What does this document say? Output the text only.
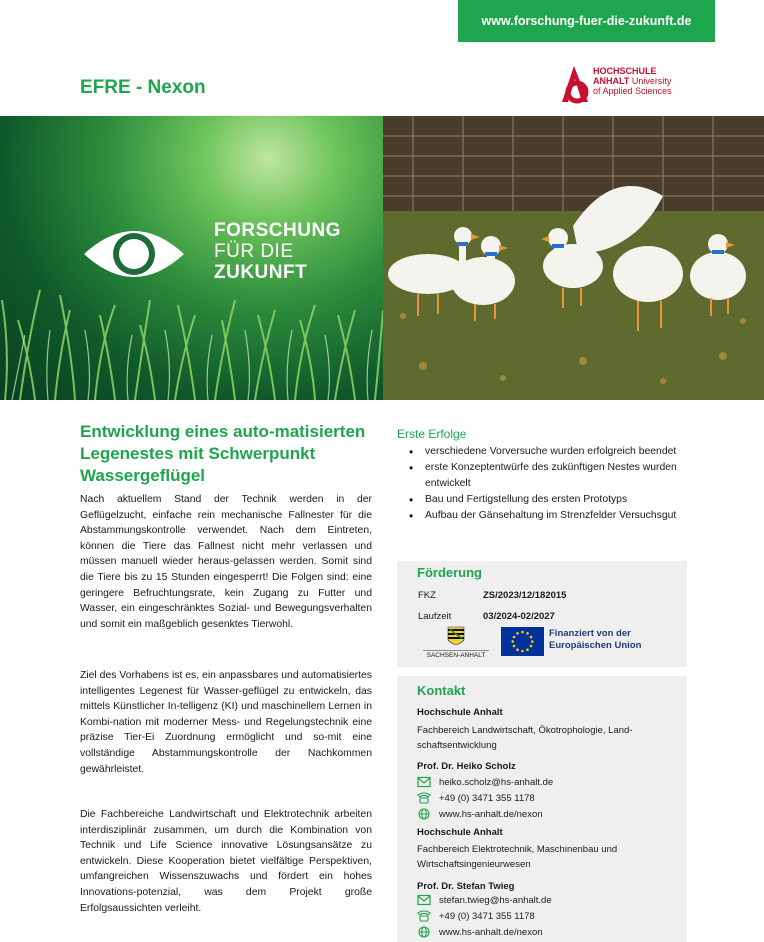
www.forschung-fuer-die-zukunft.de
EFRE - Nexon
HOCHSCHULE
ANHALT University
of Applied Sciences
FORSCHUNG
FÜR DIE
ZUKUNFT
Entwicklung eines auto-matisierten Legenestes mit Schwerpunkt Wassergeflügel

Nach aktuellem Stand der Technik werden in der Geflügelzucht, einfache rein mechanische Fallnester für die Abstammungskontrolle verwendet. Nach dem Eintreten, können die Tiere das Fallnest nicht mehr verlassen und müssen manuell wieder heraus-gelassen werden. Somit sind die Tiere bis zu 15 Stunden eingesperrt! Die Folgen sind: eine geringere Befruchtungsrate, kein Zugang zu Futter und Wasser, ein eingeschränktes Sozial- und Bewegungsverhalten und somit ein maßgeblich gesenktes Tierwohl.

Ziel des Vorhabens ist es, ein anpassbares und automatisiertes intelligentes Legenest für Wasser-geflügel zu entwickeln, das mittels Künstlicher In-telligenz (KI) und maschinellem Lernen in Kombi-nation mit moderner Mess- und Regelungstechnik eine präzise Tier-Ei Zuordnung ermöglicht und so-mit eine vollständige Abstammungskontrolle der Nachkommen gewährleistet.

Die Fachbereiche Landwirtschaft und Elektrotechnik arbeiten interdisziplinär zusammen, um durch die Kombination von Technik und Life Science innovative Lösungsansätze zu entwickeln. Diese Kooperation bietet vielfältige Perspektiven, umfangreichen Wissenszuwachs und fördert ein hohes Innovations-potenzial, was dem Projekt große Erfolgsaussichten verleiht.

Erste Erfolge
• verschiedene Vorversuche wurden erfolgreich beendet
• erste Konzeptentwürfe des zukünftigen Nestes wurden entwickelt
• Bau und Fertigstellung des ersten Prototyps
• Aufbau der Gänsehaltung im Strenzfelder Versuchsgut
Förderung
FKZ	ZS/2023/12/182015
Laufzeit	03/2024-02/2027
SACHSEN-ANHALT
Finanziert von der
Europäischen Union
Kontakt
Hochschule Anhalt
Fachbereich Landwirtschaft, Ökotrophologie, Land-schaftsentwicklung
Prof. Dr. Heiko Scholz
heiko.scholz@hs-anhalt.de
+49 (0) 3471 355 1178
www.hs-anhalt.de/nexon
Hochschule Anhalt
Fachbereich Elektrotechnik, Maschinenbau und Wirtschaftsingenieurwesen
Prof. Dr. Stefan Twieg
stefan.twieg@hs-anhalt.de
+49 (0) 3471 355 1178
www.hs-anhalt.de/nexon
